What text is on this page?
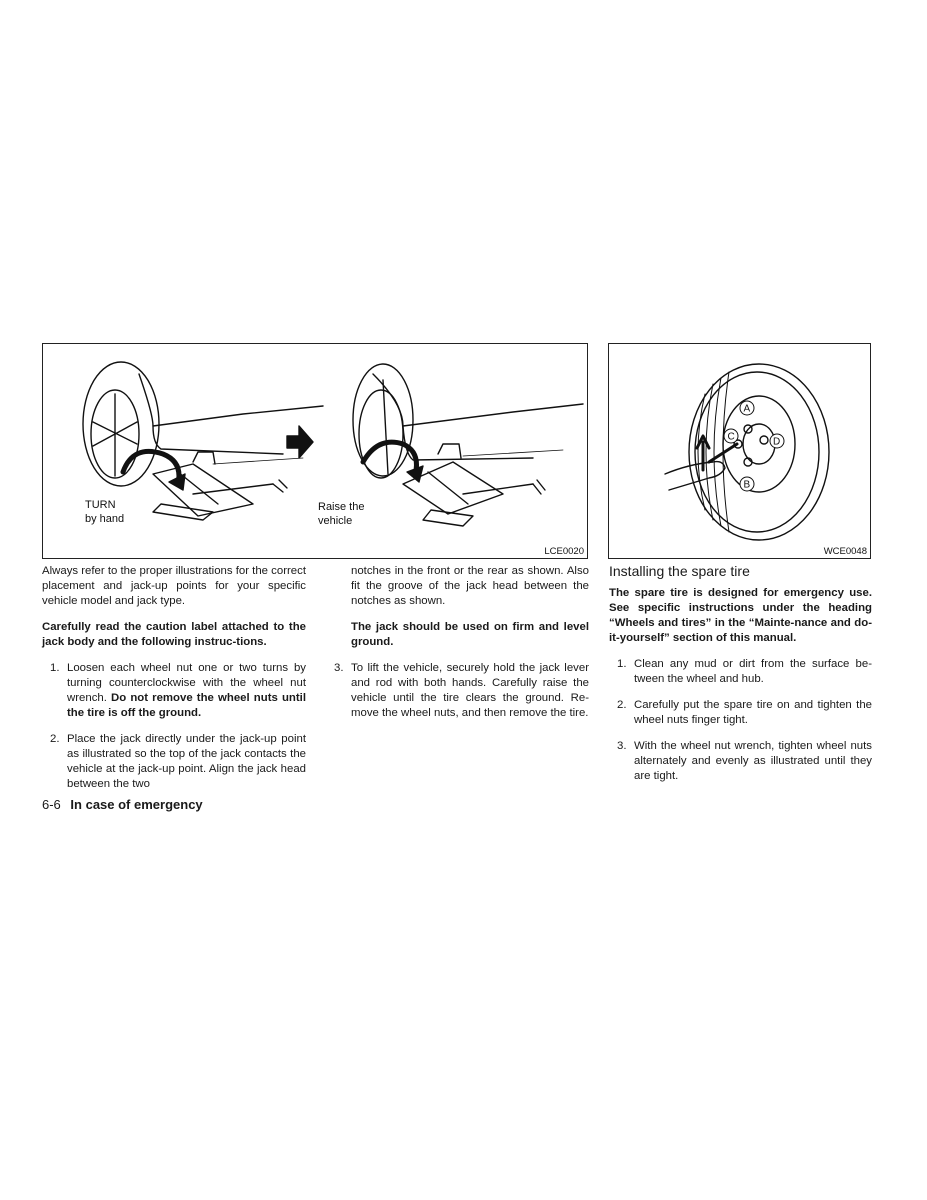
TURN
by hand
Raise the
vehicle
LCE0020
A
C	D
B
WCE0048

Always refer to the proper illustrations for the correct placement and jack-up points for your specific vehicle model and jack type.

Carefully read the caution label attached to the jack body and the following instruc-tions.

1. Loosen each wheel nut one or two turns by turning counterclockwise with the wheel nut wrench. Do not remove the wheel nuts until the tire is off the ground.
2. Place the jack directly under the jack-up point as illustrated so the top of the jack contacts the vehicle at the jack-up point. Align the jack head between the two

notches in the front or the rear as shown. Also fit the groove of the jack head between the notches as shown.

The jack should be used on firm and level ground.

3. To lift the vehicle, securely hold the jack lever and rod with both hands. Carefully raise the vehicle until the tire clears the ground. Re-move the wheel nuts, and then remove the tire.
Installing the spare tire

The spare tire is designed for emergency use. See specific instructions under the heading “Wheels and tires” in the “Mainte-nance and do-it-yourself” section of this manual.

1. Clean any mud or dirt from the surface be-tween the wheel and hub.
2. Carefully put the spare tire on and tighten the wheel nuts finger tight.
3. With the wheel nut wrench, tighten wheel nuts alternately and evenly as illustrated until they are tight.
6-6 In case of emergency
